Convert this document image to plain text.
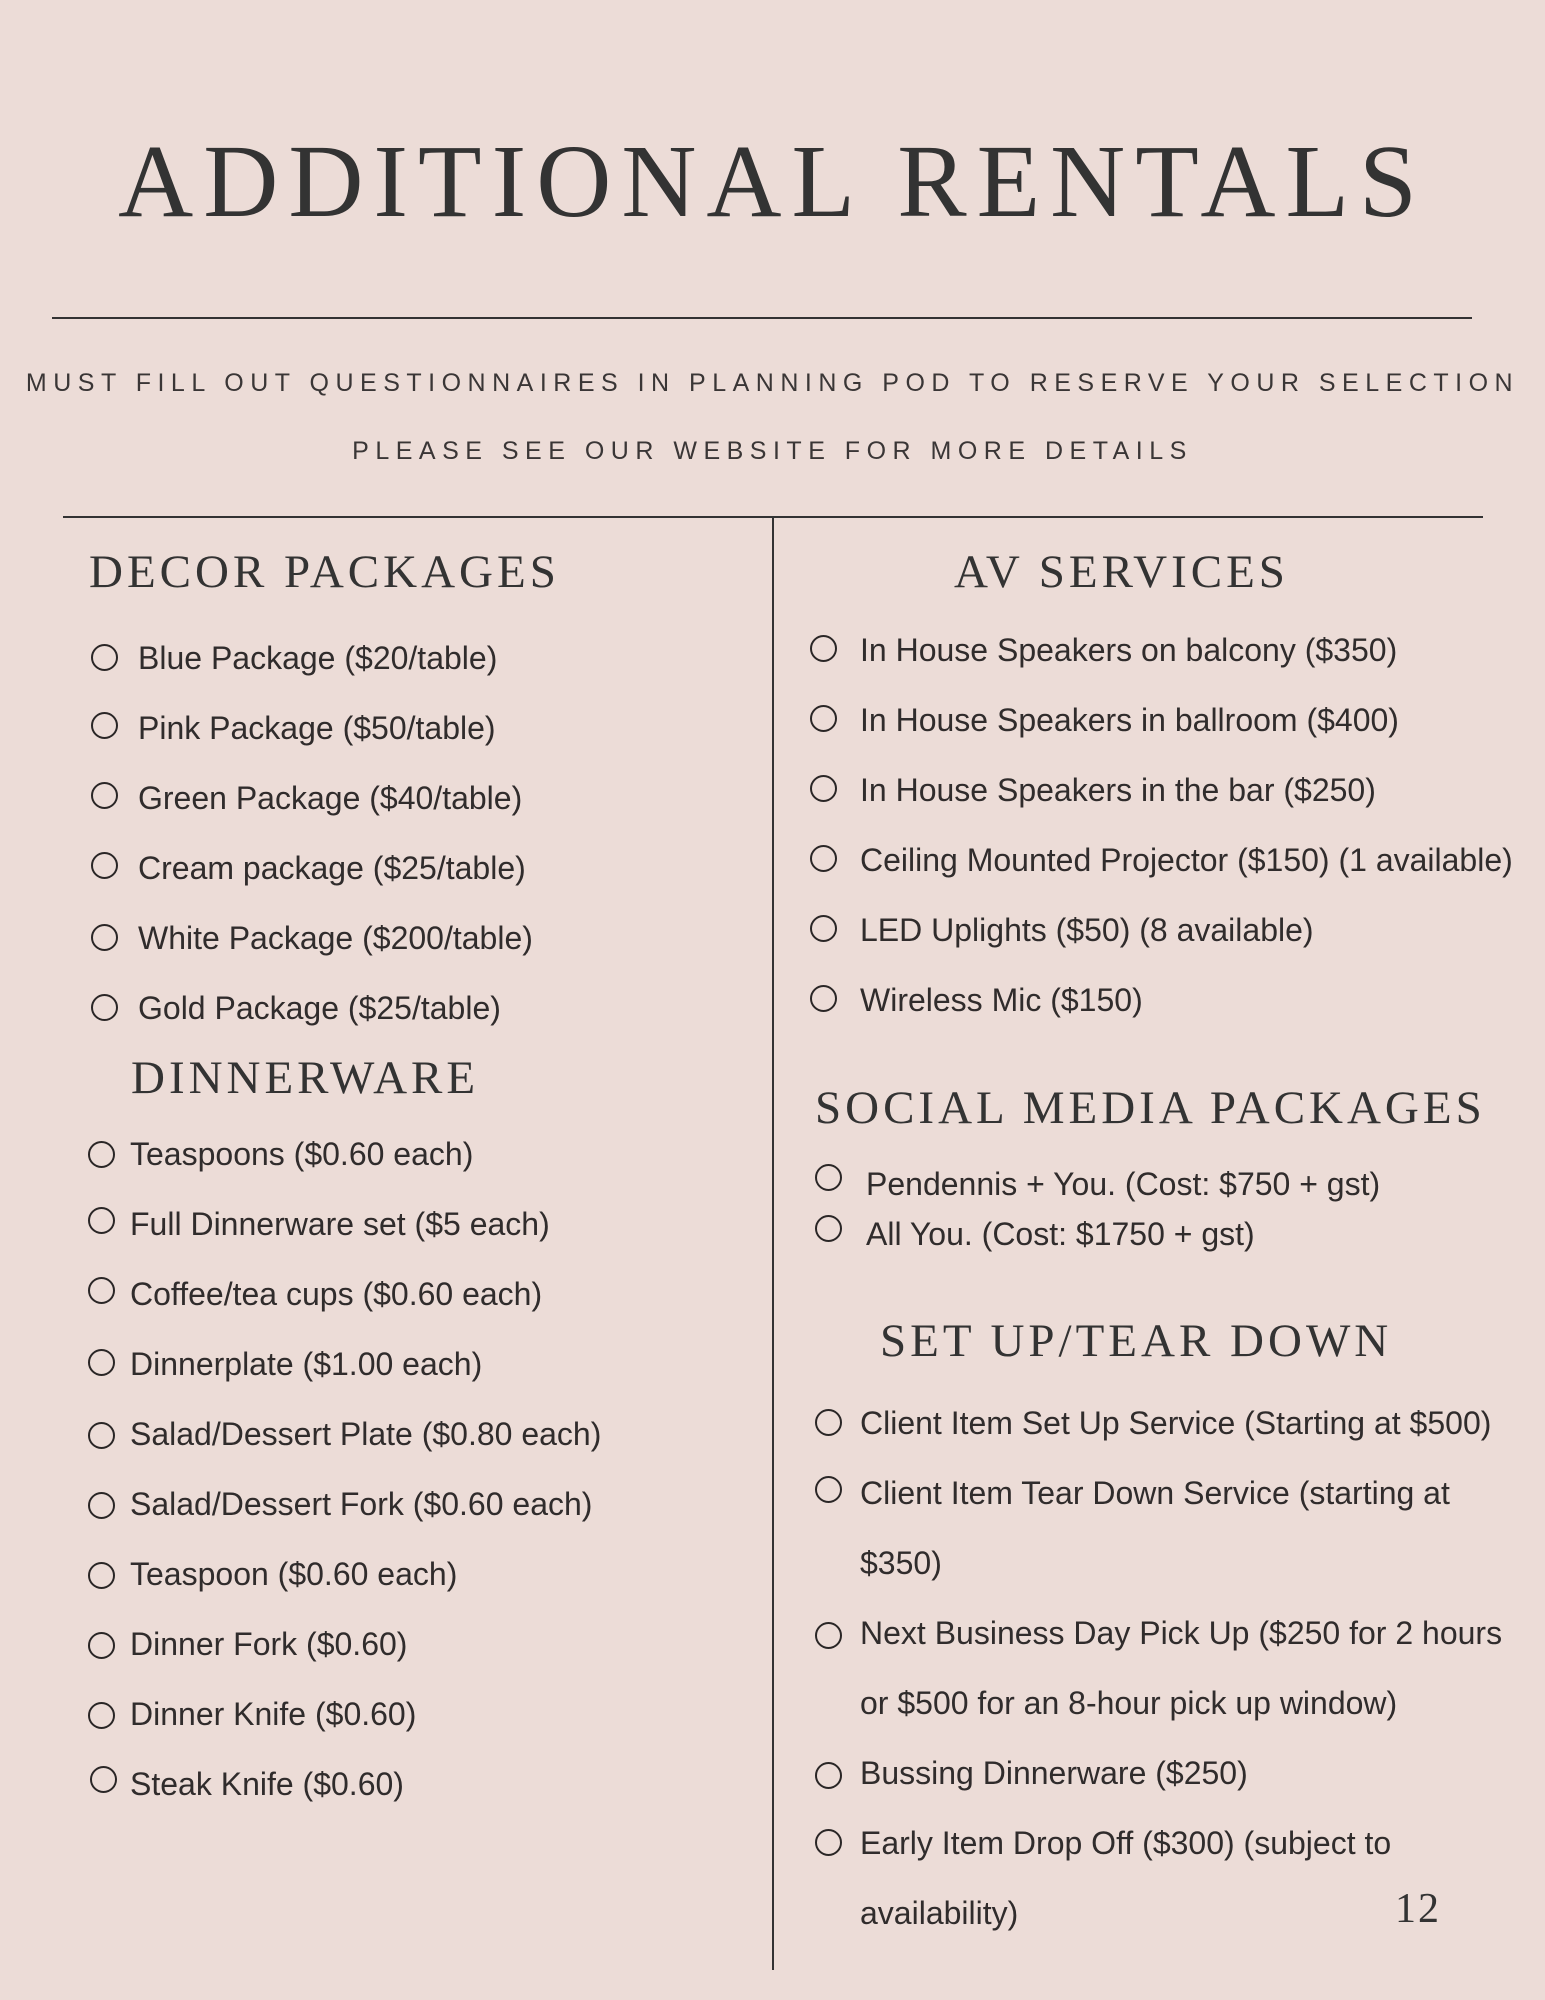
ADDITIONAL RENTALS

MUST FILL OUT QUESTIONNAIRES IN PLANNING POD TO RESERVE YOUR SELECTION

PLEASE SEE OUR WEBSITE FOR MORE DETAILS

DECOR PACKAGES
Blue Package ($20/table)
Pink Package ($50/table)
Green Package ($40/table)
Cream package ($25/table)
White Package ($200/table)
Gold Package ($25/table)
DINNERWARE
Teaspoons ($0.60 each)
Full Dinnerware set ($5 each)
Coffee/tea cups ($0.60 each)
Dinnerplate ($1.00 each)
Salad/Dessert Plate ($0.80 each)
Salad/Dessert Fork ($0.60 each)
Teaspoon ($0.60 each)
Dinner Fork ($0.60)
Dinner Knife ($0.60)
Steak Knife ($0.60)
AV SERVICES
In House Speakers on balcony ($350)
In House Speakers in ballroom ($400)
In House Speakers in the bar ($250)
Ceiling Mounted Projector ($150) (1 available)
LED Uplights ($50) (8 available)
Wireless Mic ($150)
SOCIAL MEDIA PACKAGES
Pendennis + You. (Cost: $750 + gst)
All You. (Cost: $1750 + gst)
SET UP/TEAR DOWN
Client Item Set Up Service (Starting at $500)
Client Item Tear Down Service (starting at
$350)
Next Business Day Pick Up ($250 for 2 hours
or $500 for an 8-hour pick up window)
Bussing Dinnerware ($250)
Early Item Drop Off ($300) (subject to
availability)	12
